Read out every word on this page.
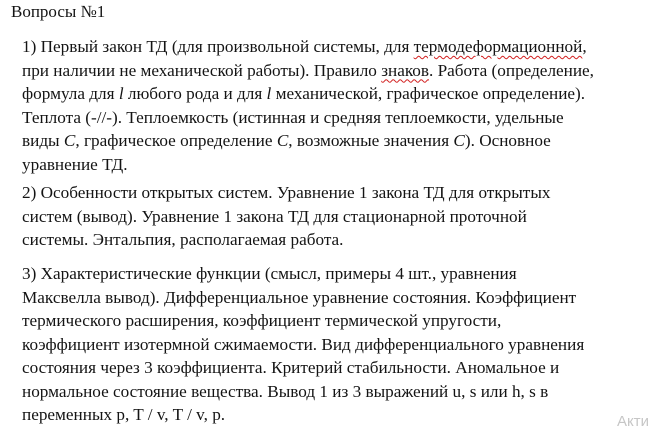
Вопросы №1
1) Первый закон ТД (для произвольной системы, для термодеформационной,
при наличии не механической работы). Правило знаков. Работа (определение,
формула для l любого рода и для l механической, графическое определение).
Теплота (-//-). Теплоемкость (истинная и средняя теплоемкости, удельные
виды C, графическое определение C, возможные значения C). Основное
уравнение ТД.
2) Особенности открытых систем. Уравнение 1 закона ТД для открытых
систем (вывод). Уравнение 1 закона ТД для стационарной проточной
системы. Энтальпия, располагаемая работа.
3) Характеристические функции (смысл, примеры 4 шт., уравнения
Максвелла вывод). Дифференциальное уравнение состояния. Коэффициент
термического расширения, коэффициент термической упругости,
коэффициент изотермной сжимаемости. Вид дифференциального уравнения
состояния через 3 коэффициента. Критерий стабильности. Аномальное и
нормальное состояние вещества. Вывод 1 из 3 выражений u, s или h, s в
переменных p, T / v, T / v, p.	Акти
